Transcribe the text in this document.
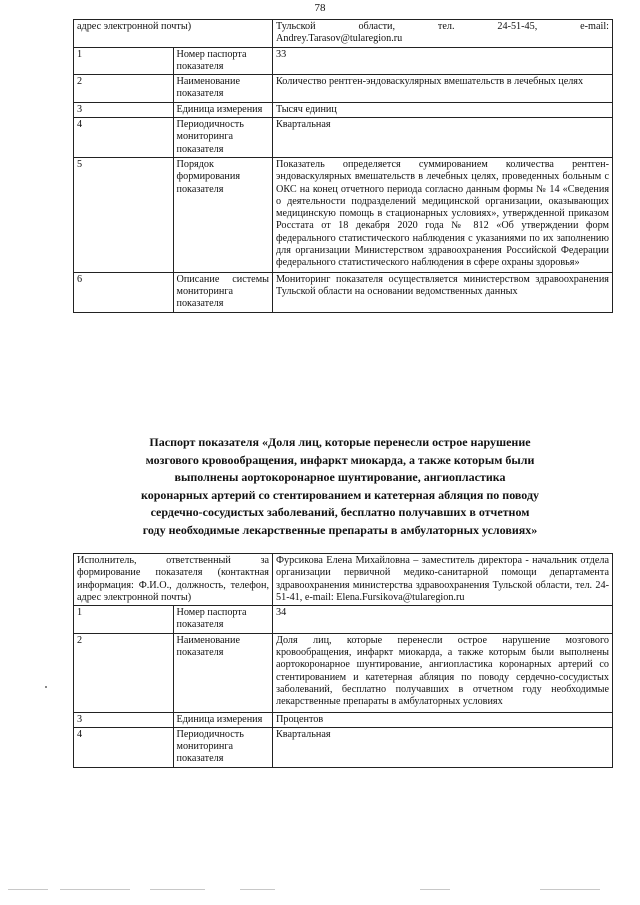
78
адрес электронной почты)		Тульской области, тел. 24-51-45, e-mail:
Andrey.Tarasov@tularegion.ru

1	Номер паспорта показателя	33
2	Наименование показателя	Количество рентген-эндоваскулярных вмешательств в лечебных целях
3	Единица измерения	Тысяч единиц
4	Периодичность мониторинга показателя	Квартальная
5	Порядок формирования показателя	Показатель определяется суммированием количества рентген-эндоваскулярных вмешательств в лечебных целях, проведенных больным с ОКС на конец отчетного периода согласно данным формы № 14 «Сведения о деятельности подразделений медицинской организации, оказывающих медицинскую помощь в стационарных условиях», утвержденной приказом Росстата от 18 декабря 2020 года № 812 «Об утверждении форм федерального статистического наблюдения с указаниями по их заполнению для организации Министерством здравоохранения Российской Федерации федерального статистического наблюдения в сфере охраны здоровья»
6	Описание системы мониторинга показателя	Мониторинг показателя осуществляется министерством здравоохранения Тульской области на основании ведомственных данных
Паспорт показателя «Доля лиц, которые перенесли острое нарушение
мозгового кровообращения, инфаркт миокарда, а также которым были
выполнены аортокоронарное шунтирование, ангиопластика
коронарных артерий со стентированием и катетерная абляция по поводу
сердечно-сосудистых заболеваний, бесплатно получавших в отчетном
году необходимые лекарственные препараты в амбулаторных условиях»
Исполнитель, ответственный за формирование показателя (контактная информация: Ф.И.О., должность, телефон, адрес электронной почты)		Фурсикова Елена Михайловна – заместитель директора - начальник отдела организации первичной медико-санитарной помощи департамента здравоохранения министерства здравоохранения Тульской области, тел. 24-51-41, e-mail: Elena.Fursikova@tularegion.ru
1	Номер паспорта показателя	34
2	Наименование показателя	Доля лиц, которые перенесли острое нарушение мозгового кровообращения, инфаркт миокарда, а также которым были выполнены аортокоронарное шунтирование, ангиопластика коронарных артерий со стентированием и катетерная абляция по поводу сердечно-сосудистых заболеваний, бесплатно получавших в отчетном году необходимые лекарственные препараты в амбулаторных условиях
3	Единица измерения	Процентов
4	Периодичность мониторинга показателя	Квартальная
